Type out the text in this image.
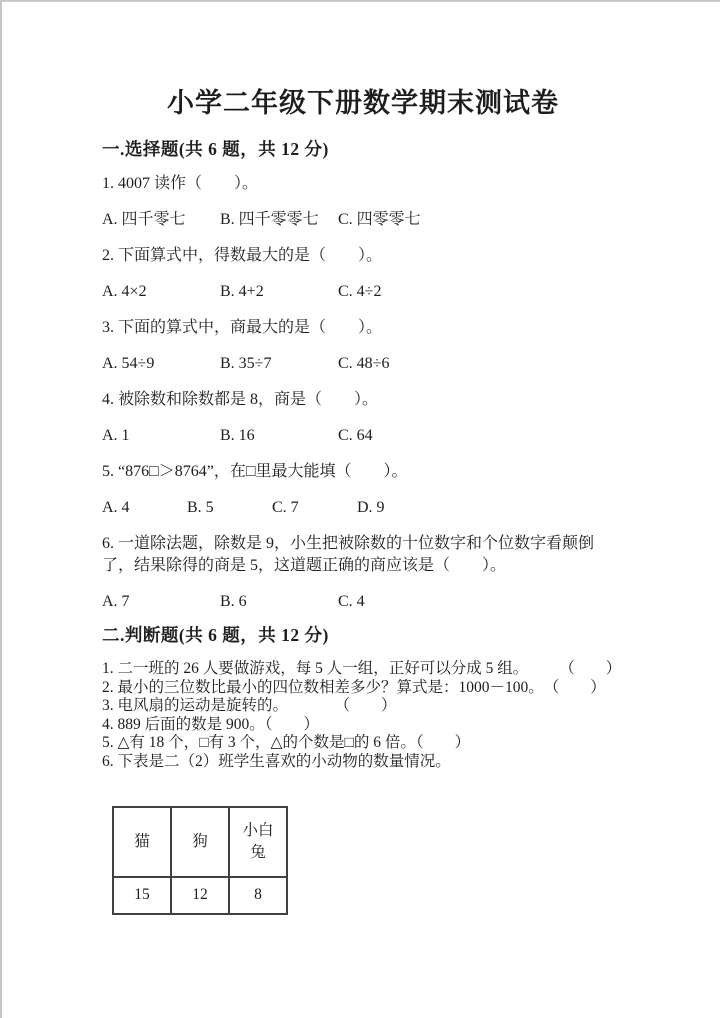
小学二年级下册数学期末测试卷
一.选择题(共 6 题，共 12 分)

1. 4007 读作（　　）。

A. 四千零七 B. 四千零零七 C. 四零零七

2. 下面算式中，得数最大的是（　　）。

A. 4×2	B. 4+2	C. 4÷2

3. 下面的算式中，商最大的是（　　）。

A. 54÷9	B. 35÷7	C. 48÷6

4. 被除数和除数都是 8，商是（　　）。

A. 1	B. 16	C. 64

5. “876□＞8764”，在□里最大能填（　　）。

A. 4	B. 5	C. 7	D. 9

6. 一道除法题，除数是 9，小生把被除数的十位数字和个位数字看颠倒了，结果除得的商是 5，这道题正确的商应该是（　　）。

A. 7	B. 6	C. 4

二.判断题(共 6 题，共 12 分)
1. 二一班的 26 人要做游戏，每 5 人一组，正好可以分成 5 组。　　　（　　）
2. 最小的三位数比最小的四位数相差多少？算式是：1000－100。　（　　）
3. 电风扇的运动是旋转的。　　　　（　　）
4. 889 后面的数是 900。（　　）
5. △有 18 个，□有 3 个，△的个数是□的 6 倍。（　　）
6. 下表是二（2）班学生喜欢的小动物的数量情况。
猫	狗	小白兔
15	12	8
